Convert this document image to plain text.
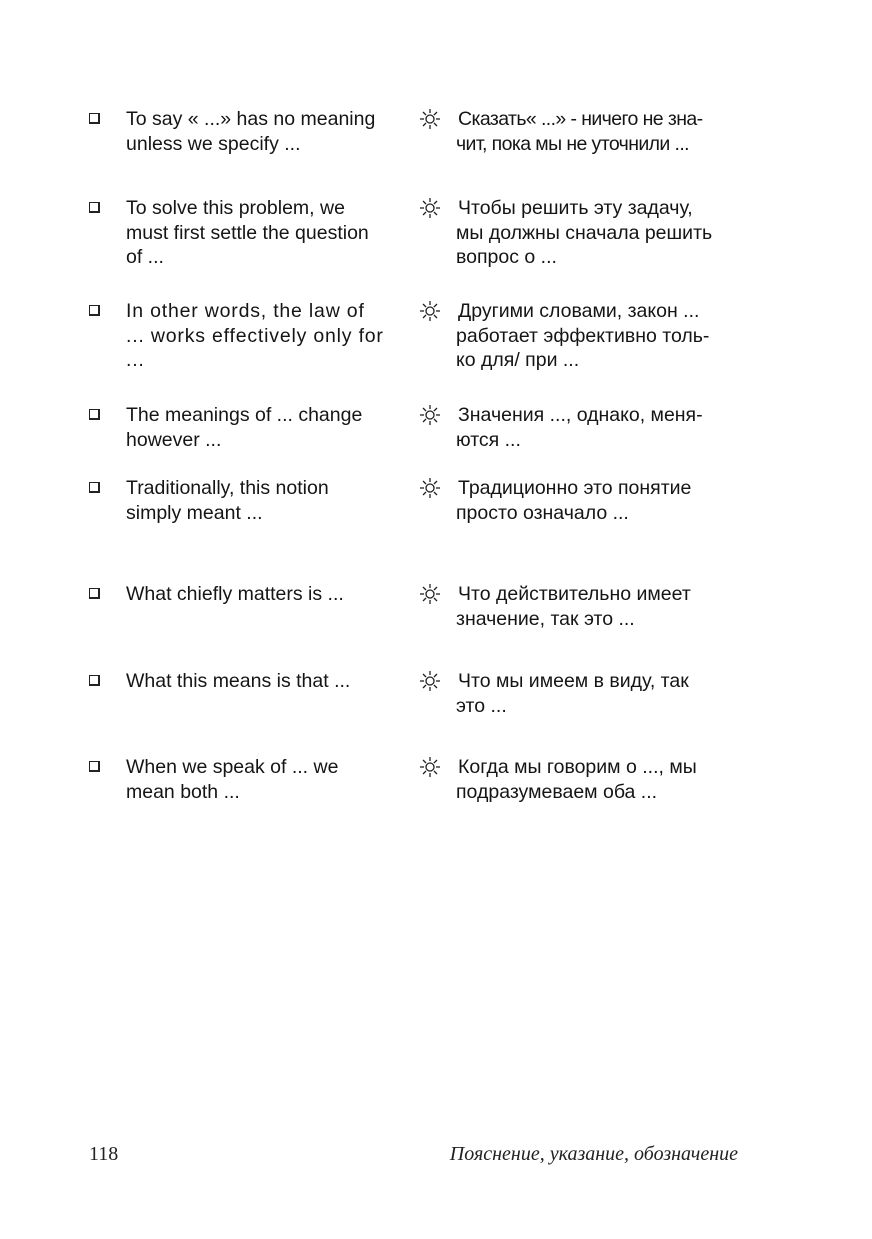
To say « ...» has no meaning
unless we specify ...
Сказать« ...» - ничего не зна-
чит, пока мы не уточнили ...
To solve this problem, we
must first settle the question
of ...
Чтобы решить эту задачу,
мы должны сначала решить
вопрос о ...
In other words, the law of
... works effectively only for
...
Другими словами, закон ...
работает эффективно толь-
ко для/ при ...
The meanings of ... change
however ...
Значения ..., однако, меня-
ются ...
Traditionally, this notion
simply meant ...
Традиционно это понятие
просто означало ...
What chiefly matters is ...	Что действительно имеет
значение, так это ...
What this means is that ...	Что мы имеем в виду, так
это ...
When we speak of ... we
mean both ...
Когда мы говорим о ..., мы
подразумеваем оба ...
118	Пояснение, указание, обозначение
